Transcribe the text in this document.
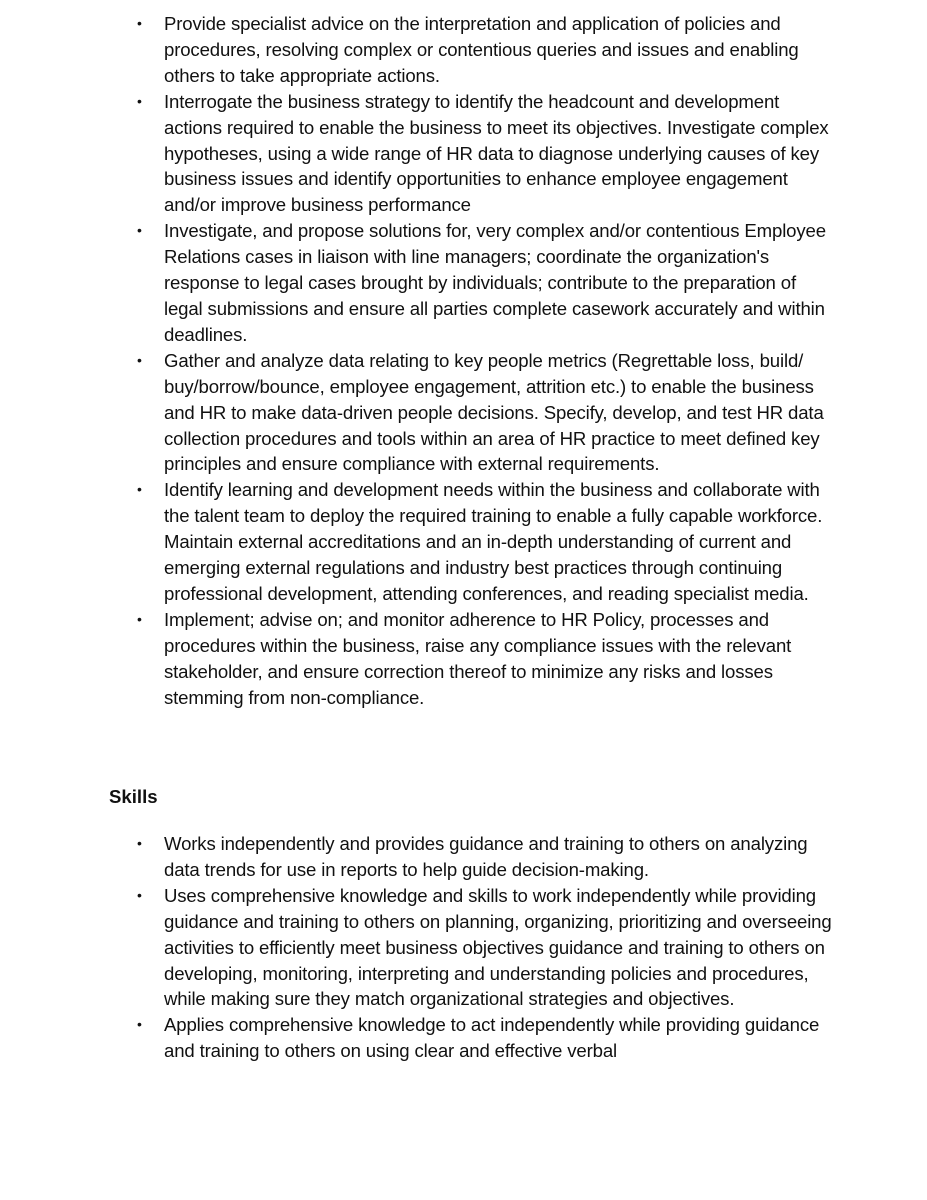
• Provide specialist advice on the interpretation and application of policies and procedures, resolving complex or contentious queries and issues and enabling others to take appropriate actions.
• Interrogate the business strategy to identify the headcount and development actions required to enable the business to meet its objectives. Investigate complex hypotheses, using a wide range of HR data to diagnose underlying causes of key business issues and identify opportunities to enhance employee engagement and/or improve business performance
• Investigate, and propose solutions for, very complex and/or contentious Employee Relations cases in liaison with line managers; coordinate the organization's response to legal cases brought by individuals; contribute to the preparation of legal submissions and ensure all parties complete casework accurately and within deadlines.
• Gather and analyze data relating to key people metrics (Regrettable loss, build/ buy/borrow/bounce, employee engagement, attrition etc.) to enable the business and HR to make data-driven people decisions. Specify, develop, and test HR data collection procedures and tools within an area of HR practice to meet defined key principles and ensure compliance with external requirements.
• Identify learning and development needs within the business and collaborate with the talent team to deploy the required training to enable a fully capable workforce. Maintain external accreditations and an in-depth understanding of current and emerging external regulations and industry best practices through continuing professional development, attending conferences, and reading specialist media.
• Implement; advise on; and monitor adherence to HR Policy, processes and procedures within the business, raise any compliance issues with the relevant stakeholder, and ensure correction thereof to minimize any risks and losses stemming from non-compliance.
Skills
• Works independently and provides guidance and training to others on analyzing data trends for use in reports to help guide decision-making.
• Uses comprehensive knowledge and skills to work independently while providing guidance and training to others on planning, organizing, prioritizing and overseeing activities to efficiently meet business objectives guidance and training to others on developing, monitoring, interpreting and understanding policies and procedures, while making sure they match organizational strategies and objectives.
• Applies comprehensive knowledge to act independently while providing guidance and training to others on using clear and effective verbal
